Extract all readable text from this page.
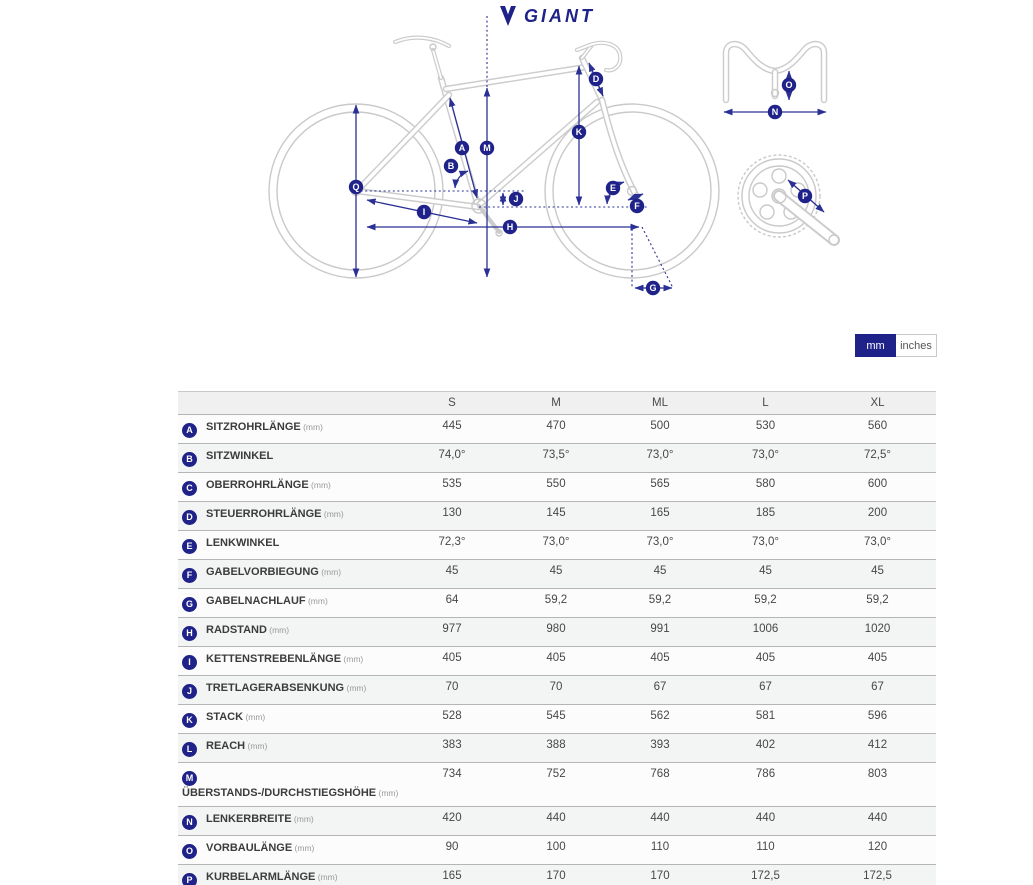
GIANT
Q
I
H
A
B
M
J
K
D
E
F
G
N
O
P
mm	inches
	S	M	ML	L	XL
A SITZROHRLÄNGE (mm)	445	470	500	530	560
B SITZWINKEL	74,0°	73,5°	73,0°	73,0°	72,5°
C OBERROHRLÄNGE (mm)	535	550	565	580	600
D STEUERROHRLÄNGE (mm)	130	145	165	185	200
E LENKWINKEL	72,3°	73,0°	73,0°	73,0°	73,0°
F GABELVORBIEGUNG (mm)	45	45	45	45	45
G GABELNACHLAUF (mm)	64	59,2	59,2	59,2	59,2
H RADSTAND (mm)	977	980	991	1006	1020
I KETTENSTREBENLÄNGE (mm)	405	405	405	405	405
J TRETLAGERABSENKUNG (mm)	70	70	67	67	67
K STACK (mm)	528	545	562	581	596
L REACH (mm)	383	388	393	402	412
MÜBERSTANDS-/DURCHSTIEGSHÖHE (mm)	734	752	768	786	803
N LENKERBREITE (mm)	420	440	440	440	440
O VORBAULÄNGE (mm)	90	100	110	110	120
P KURBELARMLÄNGE (mm)	165	170	170	172,5	172,5
